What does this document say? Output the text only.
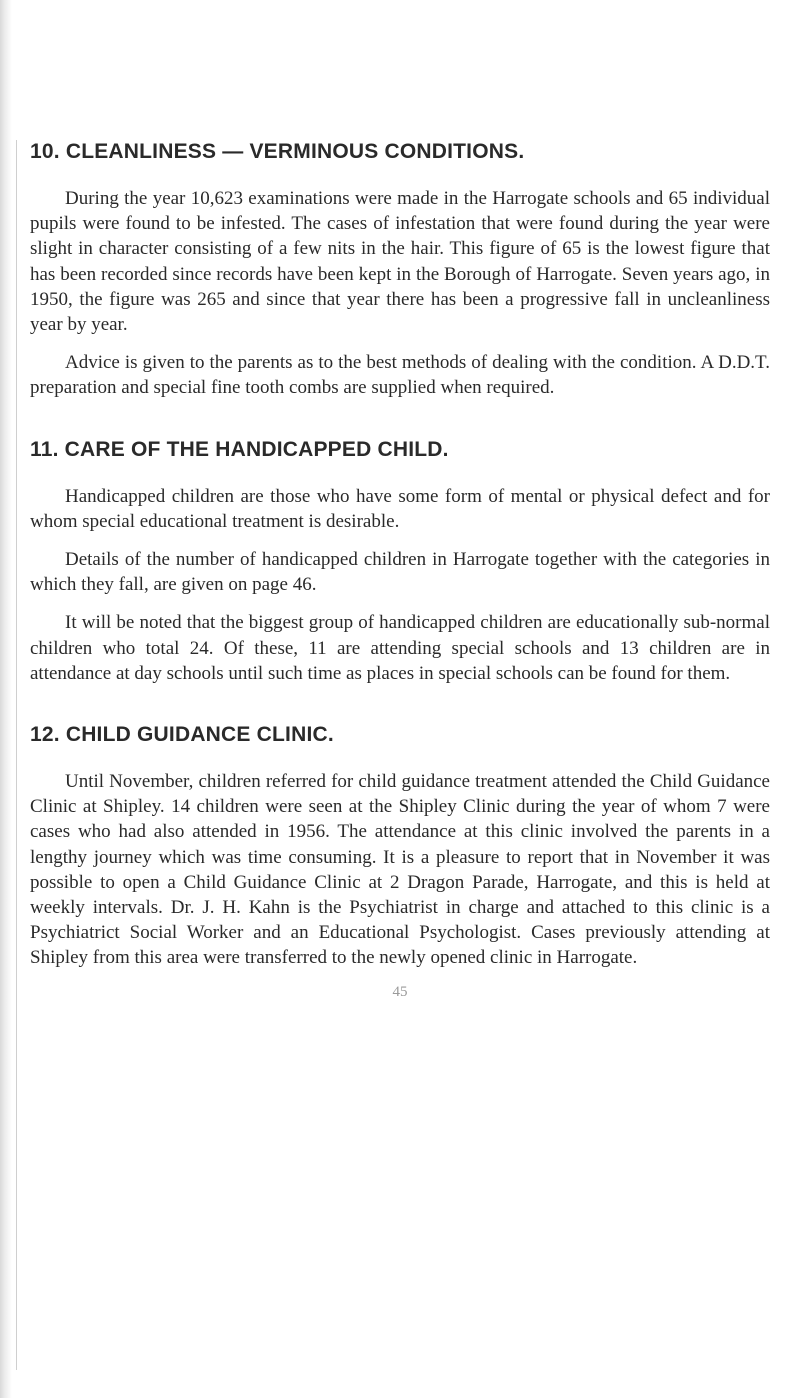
10. CLEANLINESS — VERMINOUS CONDITIONS.

During the year 10,623 examinations were made in the Harrogate schools and 65 individual pupils were found to be infested. The cases of infestation that were found during the year were slight in character consisting of a few nits in the hair. This figure of 65 is the lowest figure that has been recorded since records have been kept in the Borough of Harrogate. Seven years ago, in 1950, the figure was 265 and since that year there has been a progressive fall in uncleanliness year by year.

Advice is given to the parents as to the best methods of dealing with the condition. A D.D.T. preparation and special fine tooth combs are supplied when required.

11. CARE OF THE HANDICAPPED CHILD.

Handicapped children are those who have some form of mental or physical defect and for whom special educational treatment is desirable.

Details of the number of handicapped children in Harrogate together with the categories in which they fall, are given on page 46.

It will be noted that the biggest group of handicapped children are educationally sub-normal children who total 24. Of these, 11 are attending special schools and 13 children are in attendance at day schools until such time as places in special schools can be found for them.

12. CHILD GUIDANCE CLINIC.

Until November, children referred for child guidance treatment attended the Child Guidance Clinic at Shipley. 14 children were seen at the Shipley Clinic during the year of whom 7 were cases who had also attended in 1956. The attendance at this clinic involved the parents in a lengthy journey which was time consuming. It is a pleasure to report that in November it was possible to open a Child Guidance Clinic at 2 Dragon Parade, Harrogate, and this is held at weekly intervals. Dr. J. H. Kahn is the Psychiatrist in charge and attached to this clinic is a Psychiatrict Social Worker and an Educational Psychologist. Cases previously attending at Shipley from this area were transferred to the newly opened clinic in Harrogate.

45
